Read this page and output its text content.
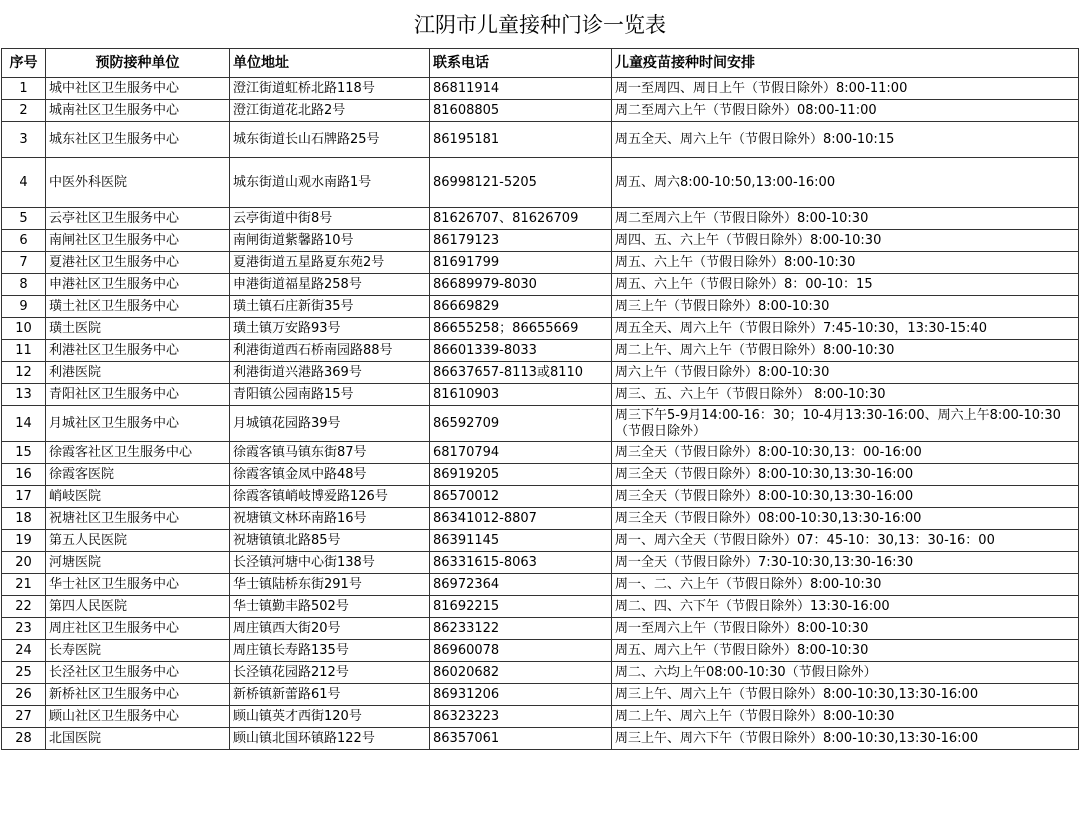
江阴市儿童接种门诊一览表
序号	预防接种单位	单位地址	联系电话	儿童疫苗接种时间安排
1	城中社区卫生服务中心	澄江街道虹桥北路118号	86811914	周一至周四、周日上午（节假日除外）8:00-11:00
2	城南社区卫生服务中心	澄江街道花北路2号	81608805	周二至周六上午（节假日除外）08:00-11:00
3	城东社区卫生服务中心	城东街道长山石牌路25号	86195181	周五全天、周六上午（节假日除外）8:00-10:15
4	中医外科医院	城东街道山观水南路1号	86998121-5205	周五、周六8:00-10:50,13:00-16:00
5	云亭社区卫生服务中心	云亭街道中街8号	81626707、81626709	周二至周六上午（节假日除外）8:00-10:30
6	南闸社区卫生服务中心	南闸街道紫馨路10号	86179123	周四、五、六上午（节假日除外）8:00-10:30
7	夏港社区卫生服务中心	夏港街道五星路夏东苑2号	81691799	周五、六上午（节假日除外）8:00-10:30
8	申港社区卫生服务中心	申港街道福星路258号	86689979-8030	周五、六上午（节假日除外）8：00-10：15
9	璜土社区卫生服务中心	璜土镇石庄新街35号	86669829	周三上午（节假日除外）8:00-10:30
10	璜土医院	璜土镇万安路93号	86655258；86655669	周五全天、周六上午（节假日除外）7:45-10:30，13:30-15:40
11	利港社区卫生服务中心	利港街道西石桥南园路88号	86601339-8033	周二上午、周六上午（节假日除外）8:00-10:30
12	利港医院	利港街道兴港路369号	86637657-8113或8110	周六上午（节假日除外）8:00-10:30
13	青阳社区卫生服务中心	青阳镇公园南路15号	81610903	周三、五、六上午（节假日除外） 8:00-10:30
14	月城社区卫生服务中心	月城镇花园路39号	86592709	周三下午5-9月14:00-16：30；10-4月13:30-16:00、周六上午8:00-10:30（节假日除外）
15	徐霞客社区卫生服务中心	徐霞客镇马镇东街87号	68170794	周三全天（节假日除外）8:00-10:30,13：00-16:00
16	徐霞客医院	徐霞客镇金凤中路48号	86919205	周三全天（节假日除外）8:00-10:30,13:30-16:00
17	峭岐医院	徐霞客镇峭岐博爱路126号	86570012	周三全天（节假日除外）8:00-10:30,13:30-16:00
18	祝塘社区卫生服务中心	祝塘镇文林环南路16号	86341012-8807	周三全天（节假日除外）08:00-10:30,13:30-16:00
19	第五人民医院	祝塘镇镇北路85号	86391145	周一、周六全天（节假日除外）07：45-10：30,13：30-16：00
20	河塘医院	长泾镇河塘中心街138号	86331615-8063	周一全天（节假日除外）7:30-10:30,13:30-16:30
21	华士社区卫生服务中心	华士镇陆桥东街291号	86972364	周一、二、六上午（节假日除外）8:00-10:30
22	第四人民医院	华士镇勤丰路502号	81692215	周二、四、六下午（节假日除外）13:30-16:00
23	周庄社区卫生服务中心	周庄镇西大街20号	86233122	周一至周六上午（节假日除外）8:00-10:30
24	长寿医院	周庄镇长寿路135号	86960078	周五、周六上午（节假日除外）8:00-10:30
25	长泾社区卫生服务中心	长泾镇花园路212号	86020682	周二、六均上午08:00-10:30（节假日除外）
26	新桥社区卫生服务中心	新桥镇新蕾路61号	86931206	周三上午、周六上午（节假日除外）8:00-10:30,13:30-16:00
27	顾山社区卫生服务中心	顾山镇英才西街120号	86323223	周二上午、周六上午（节假日除外）8:00-10:30
28	北国医院	顾山镇北国环镇路122号	86357061	周三上午、周六下午（节假日除外）8:00-10:30,13:30-16:00
